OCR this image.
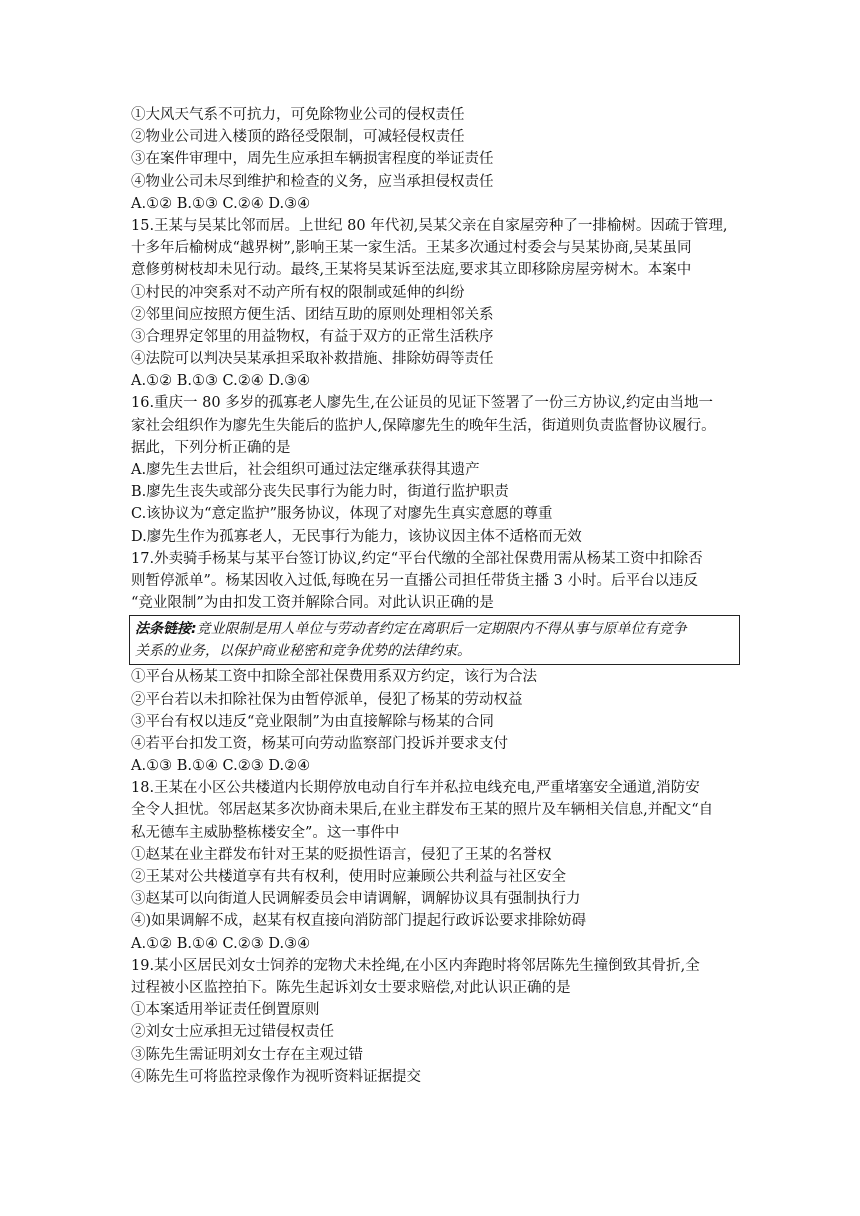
①大风天气系不可抗力，可免除物业公司的侵权责任
②物业公司进入楼顶的路径受限制，可减轻侵权责任
③在案件审理中，周先生应承担车辆损害程度的举证责任
④物业公司未尽到维护和检查的义务，应当承担侵权责任
A.①② B.①③ C.②④ D.③④
15.王某与吴某比邻而居。上世纪 80 年代初,吴某父亲在自家屋旁种了一排榆树。因疏于管理,
十多年后榆树成“越界树”,影响王某一家生活。王某多次通过村委会与吴某协商,吴某虽同
意修剪树枝却未见行动。最终,王某将吴某诉至法庭,要求其立即移除房屋旁树木。本案中
①村民的冲突系对不动产所有权的限制或延伸的纠纷
②邻里间应按照方便生活、团结互助的原则处理相邻关系
③合理界定邻里的用益物权，有益于双方的正常生活秩序
④法院可以判决吴某承担采取补救措施、排除妨碍等责任
A.①② B.①③ C.②④ D.③④
16.重庆一 80 多岁的孤寡老人廖先生,在公证员的见证下签署了一份三方协议,约定由当地一
家社会组织作为廖先生失能后的监护人,保障廖先生的晚年生活，街道则负责监督协议履行。
据此，下列分析正确的是
A.廖先生去世后，社会组织可通过法定继承获得其遗产
B.廖先生丧失或部分丧失民事行为能力时，街道行监护职责
C.该协议为“意定监护”服务协议，体现了对廖先生真实意愿的尊重
D.廖先生作为孤寡老人，无民事行为能力，该协议因主体不适格而无效
17.外卖骑手杨某与某平台签订协议,约定“平台代缴的全部社保费用需从杨某工资中扣除否
则暂停派单”。杨某因收入过低,每晚在另一直播公司担任带货主播 3 小时。后平台以违反
“竞业限制”为由扣发工资并解除合同。对此认识正确的是
法条链接:竞业限制是用人单位与劳动者约定在离职后一定期限内不得从事与原单位有竞争
关系的业务，以保护商业秘密和竞争优势的法律约束。
①平台从杨某工资中扣除全部社保费用系双方约定，该行为合法
②平台若以未扣除社保为由暂停派单，侵犯了杨某的劳动权益
③平台有权以违反“竞业限制”为由直接解除与杨某的合同
④若平台扣发工资，杨某可向劳动监察部门投诉并要求支付
A.①③ B.①④ C.②③ D.②④
18.王某在小区公共楼道内长期停放电动自行车并私拉电线充电,严重堵塞安全通道,消防安
全令人担忧。邻居赵某多次协商未果后,在业主群发布王某的照片及车辆相关信息,并配文“自
私无德车主威胁整栋楼安全”。这一事件中
①赵某在业主群发布针对王某的贬损性语言，侵犯了王某的名誉权
②王某对公共楼道享有共有权利，使用时应兼顾公共利益与社区安全
③赵某可以向街道人民调解委员会申请调解，调解协议具有强制执行力
④)如果调解不成，赵某有权直接向消防部门提起行政诉讼要求排除妨碍
A.①② B.①④ C.②③ D.③④
19.某小区居民刘女士饲养的宠物犬未拴绳,在小区内奔跑时将邻居陈先生撞倒致其骨折,全
过程被小区监控拍下。陈先生起诉刘女士要求赔偿,对此认识正确的是
①本案适用举证责任倒置原则
②刘女士应承担无过错侵权责任
③陈先生需证明刘女士存在主观过错
④陈先生可将监控录像作为视听资料证据提交
